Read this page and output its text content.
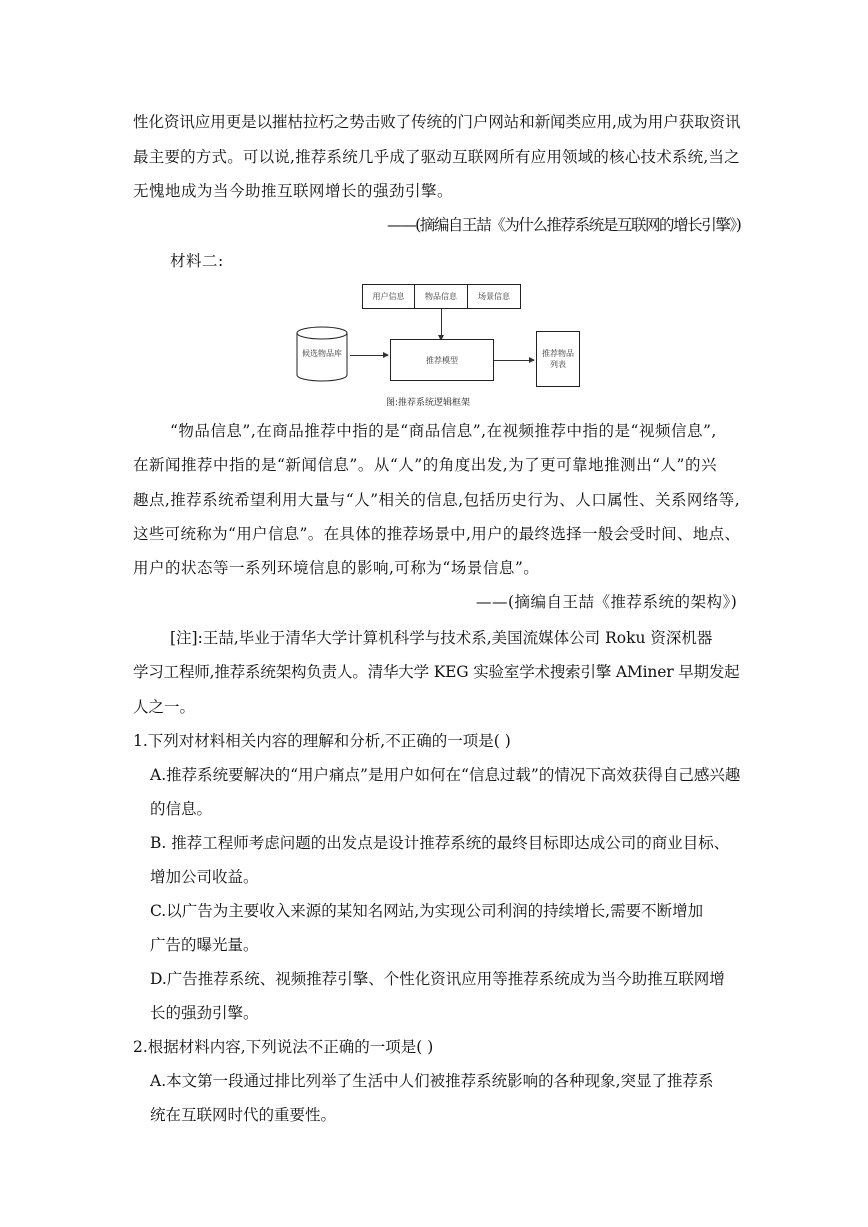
性化资讯应用更是以摧枯拉朽之势击败了传统的门户网站和新闻类应用,成为用户获取资讯
最主要的方式。可以说,推荐系统几乎成了驱动互联网所有应用领域的核心技术系统,当之
无愧地成为当今助推互联网增长的强劲引擎。
——(摘编自王喆《为什么推荐系统是互联网的增长引擎》)
材料二:
用户信息	物品信息	场景信息
候选物品库
推荐模型
推荐物品
列表
图:推荐系统逻辑框架
“物品信息”,在商品推荐中指的是“商品信息”,在视频推荐中指的是“视频信息”,
在新闻推荐中指的是“新闻信息”。从“人”的角度出发,为了更可靠地推测出“人”的兴
趣点,推荐系统希望利用大量与“人”相关的信息,包括历史行为、人口属性、关系网络等,
这些可统称为“用户信息”。在具体的推荐场景中,用户的最终选择一般会受时间、地点、
用户的状态等一系列环境信息的影响,可称为“场景信息”。
——(摘编自王喆《推荐系统的架构》)
[注]:王喆,毕业于清华大学计算机科学与技术系,美国流媒体公司 Roku 资深机器
学习工程师,推荐系统架构负责人。清华大学 KEG 实验室学术搜索引擎 AMiner 早期发起
人之一。
1.下列对材料相关内容的理解和分析,不正确的一项是( )
A.推荐系统要解决的“用户痛点”是用户如何在“信息过载”的情况下高效获得自己感兴趣
的信息。
B. 推荐工程师考虑问题的出发点是设计推荐系统的最终目标即达成公司的商业目标、
增加公司收益。
C.以广告为主要收入来源的某知名网站,为实现公司利润的持续增长,需要不断增加
广告的曝光量。
D.广告推荐系统、视频推荐引擎、个性化资讯应用等推荐系统成为当今助推互联网增
长的强劲引擎。
2.根据材料内容,下列说法不正确的一项是( )
A.本文第一段通过排比列举了生活中人们被推荐系统影响的各种现象,突显了推荐系
统在互联网时代的重要性。
